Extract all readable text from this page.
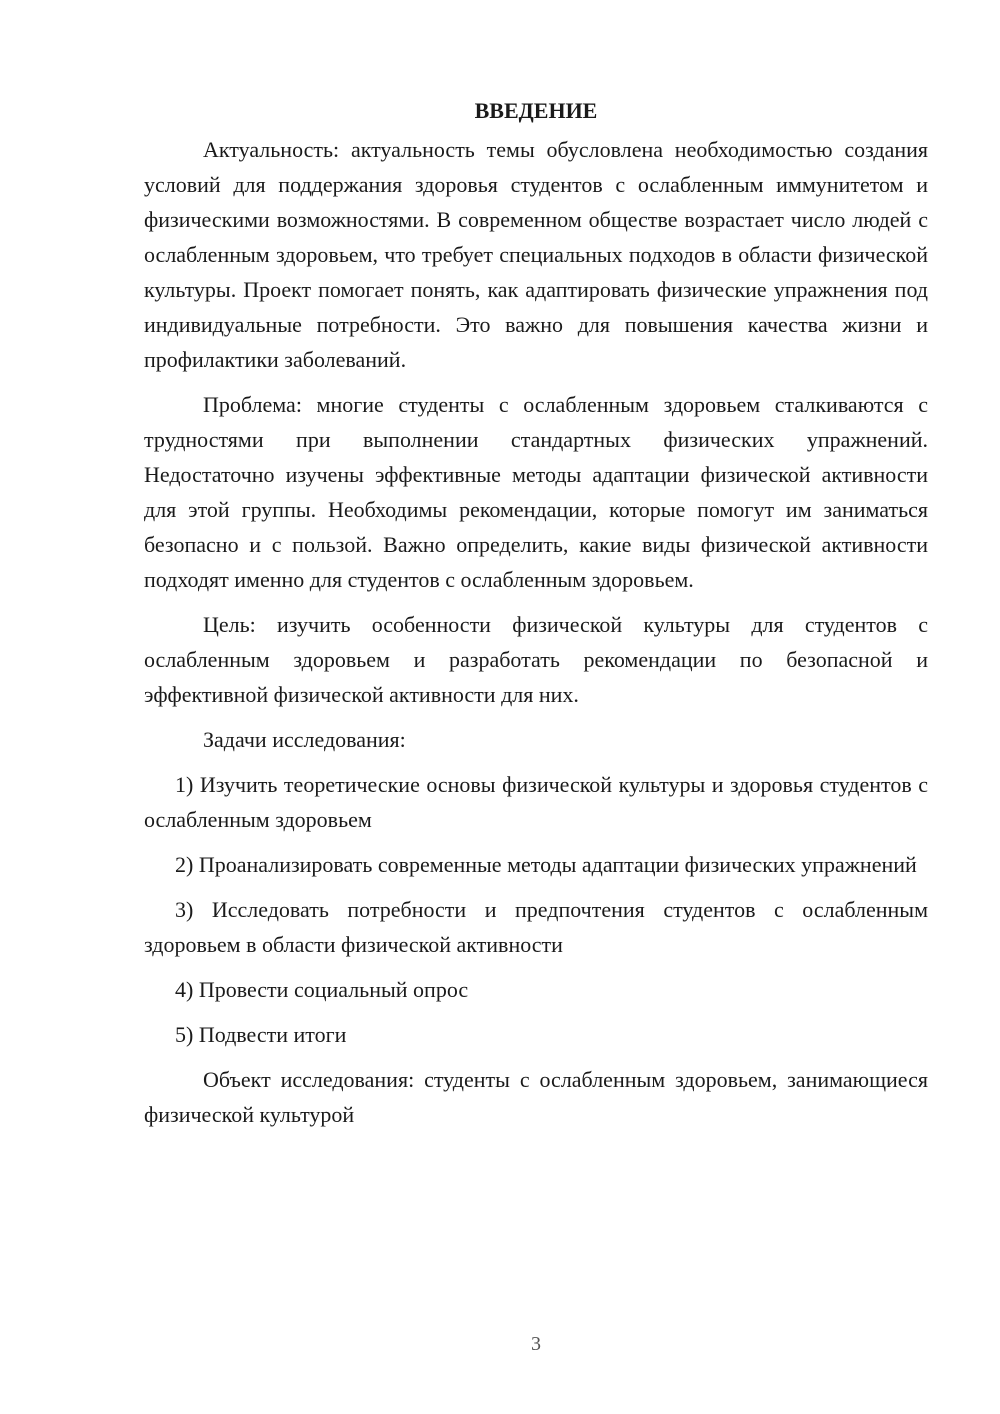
ВВЕДЕНИЕ

Актуальность: актуальность темы обусловлена необходимостью создания условий для поддержания здоровья студентов с ослабленным иммунитетом и физическими возможностями. В современном обществе возрастает число людей с ослабленным здоровьем, что требует специальных подходов в области физической культуры. Проект помогает понять, как адаптировать физические упражнения под индивидуальные потребности. Это важно для повышения качества жизни и профилактики заболеваний.

Проблема: многие студенты с ослабленным здоровьем сталкиваются с трудностями при выполнении стандартных физических упражнений. Недостаточно изучены эффективные методы адаптации физической активности для этой группы. Необходимы рекомендации, которые помогут им заниматься безопасно и с пользой. Важно определить, какие виды физической активности подходят именно для студентов с ослабленным здоровьем.

Цель: изучить особенности физической культуры для студентов с ослабленным здоровьем и разработать рекомендации по безопасной и эффективной физической активности для них.

Задачи исследования:

1) Изучить теоретические основы физической культуры и здоровья студентов с ослабленным здоровьем

2) Проанализировать современные методы адаптации физических упражнений

3) Исследовать потребности и предпочтения студентов с ослабленным здоровьем в области физической активности

4) Провести социальный опрос

5) Подвести итоги

Объект исследования: студенты с ослабленным здоровьем, занимающиеся физической культурой

3
